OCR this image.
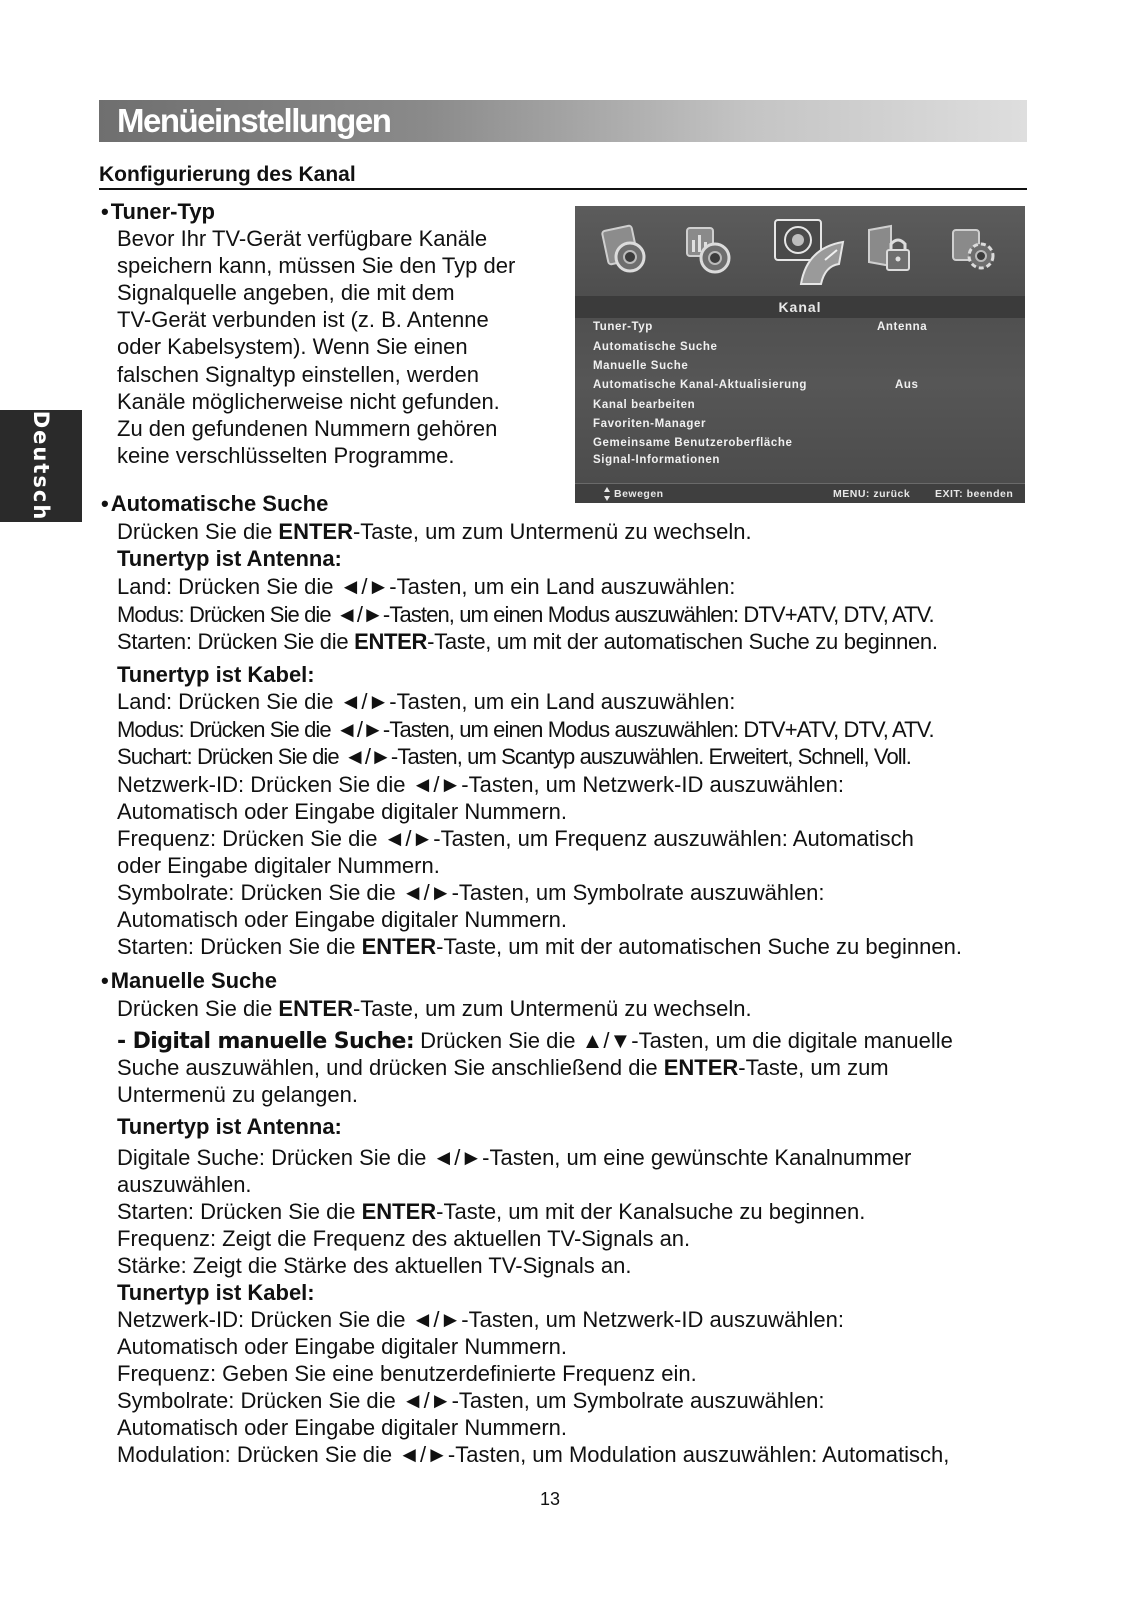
Menüeinstellungen
Konfigurierung des Kanal
Deutsch
• Tuner-Typ
Bevor Ihr TV-Gerät verfügbare Kanäle
speichern kann, müssen Sie den Typ der
Signalquelle angeben, die mit dem
TV-Gerät verbunden ist (z. B. Antenne
oder Kabelsystem). Wenn Sie einen
falschen Signaltyp einstellen, werden
Kanäle möglicherweise nicht gefunden.
Zu den gefundenen Nummern gehören
keine verschlüsselten Programme.
Kanal
Tuner-Typ	Antenna
Automatische Suche
Manuelle Suche
Automatische Kanal-Aktualisierung	Aus
Kanal bearbeiten
Favoriten-Manager
Gemeinsame Benutzeroberfläche
Signal-Informationen
Bewegen	MENU: zurück EXIT: beenden
• Automatische Suche
Drücken Sie die ENTER-Taste, um zum Untermenü zu wechseln.
Tunertyp ist Antenna:
Land: Drücken Sie die ◄/►-Tasten, um ein Land auszuwählen:
Modus: Drücken Sie die ◄/►-Tasten, um einen Modus auszuwählen: DTV+ATV, DTV, ATV.
Starten: Drücken Sie die ENTER-Taste, um mit der automatischen Suche zu beginnen.
Tunertyp ist Kabel:
Land: Drücken Sie die ◄/►-Tasten, um ein Land auszuwählen:
Modus: Drücken Sie die ◄/►-Tasten, um einen Modus auszuwählen: DTV+ATV, DTV, ATV.
Suchart: Drücken Sie die ◄/►-Tasten, um Scantyp auszuwählen. Erweitert, Schnell, Voll.
Netzwerk-ID: Drücken Sie die ◄/►-Tasten, um Netzwerk-ID auszuwählen:
Automatisch oder Eingabe digitaler Nummern.
Frequenz: Drücken Sie die ◄/►-Tasten, um Frequenz auszuwählen: Automatisch
oder Eingabe digitaler Nummern.
Symbolrate: Drücken Sie die ◄/►-Tasten, um Symbolrate auszuwählen:
Automatisch oder Eingabe digitaler Nummern.
Starten: Drücken Sie die ENTER-Taste, um mit der automatischen Suche zu beginnen.
• Manuelle Suche
Drücken Sie die ENTER-Taste, um zum Untermenü zu wechseln.
- Digital manuelle Suche: Drücken Sie die ▲/▼-Tasten, um die digitale manuelle
Suche auszuwählen, und drücken Sie anschließend die ENTER-Taste, um zum
Untermenü zu gelangen.
Tunertyp ist Antenna:
Digitale Suche: Drücken Sie die ◄/►-Tasten, um eine gewünschte Kanalnummer
auszuwählen.
Starten: Drücken Sie die ENTER-Taste, um mit der Kanalsuche zu beginnen.
Frequenz: Zeigt die Frequenz des aktuellen TV-Signals an.
Stärke: Zeigt die Stärke des aktuellen TV-Signals an.
Tunertyp ist Kabel:
Netzwerk-ID: Drücken Sie die ◄/►-Tasten, um Netzwerk-ID auszuwählen:
Automatisch oder Eingabe digitaler Nummern.
Frequenz: Geben Sie eine benutzerdefinierte Frequenz ein.
Symbolrate: Drücken Sie die ◄/►-Tasten, um Symbolrate auszuwählen:
Automatisch oder Eingabe digitaler Nummern.
Modulation: Drücken Sie die ◄/►-Tasten, um Modulation auszuwählen: Automatisch,
13
